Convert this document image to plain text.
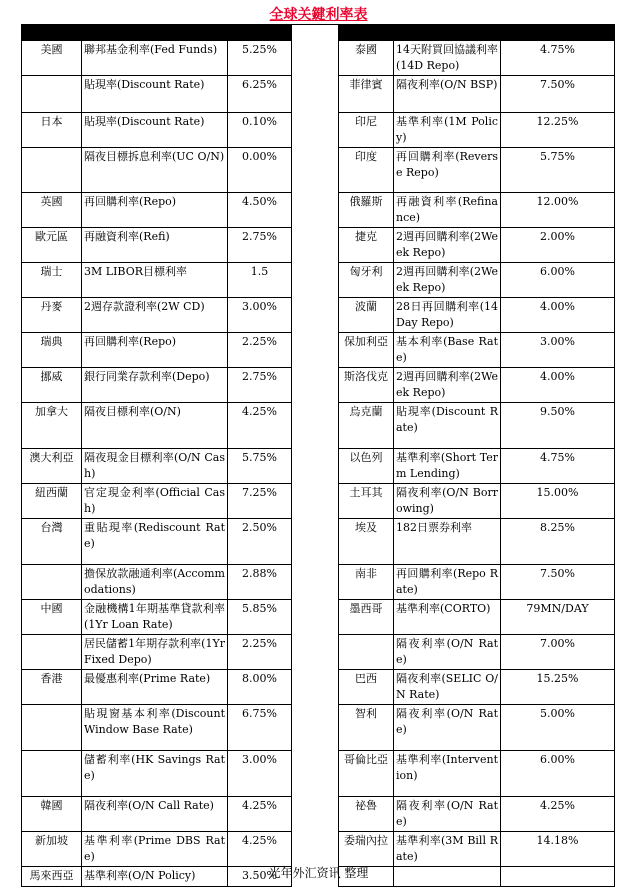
全球关鍵利率表

美國	聯邦基金利率(Fed Funds)	5.25%		泰國	14天附買回協議利率(14D Repo)	4.75%
	貼現率(Discount Rate)	6.25%		菲律賓	隔夜利率(O/N BSP)	7.50%
日本	貼現率(Discount Rate)	0.10%		印尼	基準利率(1M Policy)	12.25%
	隔夜目標拆息利率(UC O/N)	0.00%		印度	再回購利率(Reverse Repo)	5.75%
英國	再回購利率(Repo)	4.50%		俄羅斯	再融資利率(Refinance)	12.00%
歐元區	再融資利率(Refi)	2.75%		捷克	2週再回購利率(2Week Repo)	2.00%
瑞士	3M LIBOR目標利率	1.5		匈牙利	2週再回購利率(2Week Repo)	6.00%
丹麥	2週存款證利率(2W CD)	3.00%		波蘭	28日再回購利率(14Day Repo)	4.00%
瑞典	再回購利率(Repo)	2.25%		保加利亞	基本利率(Base Rate)	3.00%
挪威	銀行同業存款利率(Depo)	2.75%		斯洛伐克	2週再回購利率(2Week Repo)	4.00%
加拿大	隔夜目標利率(O/N)	4.25%		烏克蘭	貼現率(Discount Rate)	9.50%
澳大利亞	隔夜現金目標利率(O/N Cash)	5.75%		以色列	基準利率(Short Term Lending)	4.75%
紐西蘭	官定現金利率(Official Cash)	7.25%		土耳其	隔夜利率(O/N Borrowing)	15.00%
台灣	重貼現率(Rediscount Rate)	2.50%		埃及	182日票券利率	8.25%
	擔保放款融通利率(Accommodations)	2.88%		南非	再回購利率(Repo Rate)	7.50%
中國	金融機構1年期基準貸款利率(1Yr Loan Rate)	5.85%		墨西哥	基準利率(CORTO)	79MN/DAY
	居民儲蓄1年期存款利率(1Yr Fixed Depo)	2.25%			隔夜利率(O/N Rate)	7.00%
香港	最優惠利率(Prime Rate)	8.00%		巴西	隔夜利率(SELIC O/N Rate)	15.25%
	貼現窗基本利率(Discount Window Base Rate)	6.75%		智利	隔夜利率(O/N Rate)	5.00%
	儲蓄利率(HK Savings Rate)	3.00%		哥倫比亞	基準利率(Intervention)	6.00%
韓國	隔夜利率(O/N Call Rate)	4.25%		祕魯	隔夜利率(O/N Rate)	4.25%
新加坡	基準利率(Prime DBS Rate)	4.25%		委瑞內拉	基準利率(3M Bill Rate)	14.18%
馬來西亞	基準利率(O/N Policy)	3.50%				
光年外汇资讯 整理
